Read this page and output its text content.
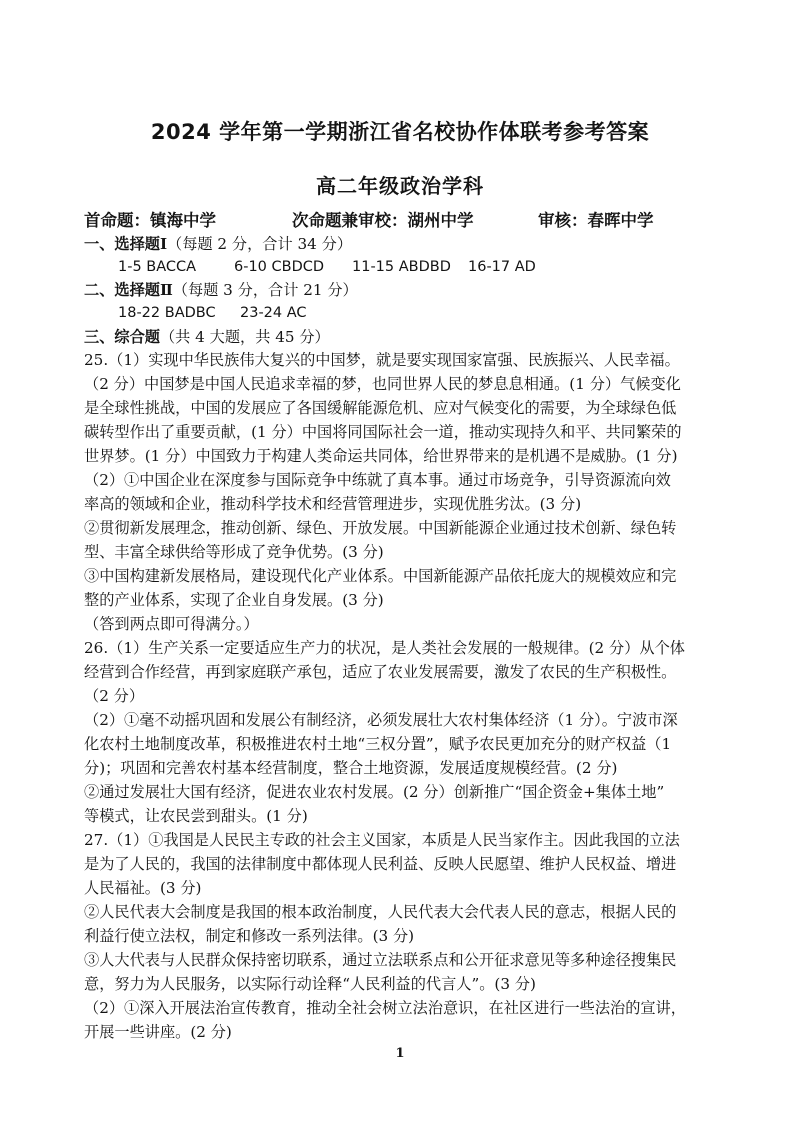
2024 学年第一学期浙江省名校协作体联考参考答案
高二年级政治学科
首命题：镇海中学	次命题兼审校：湖州中学	审核：春晖中学
一、选择题Ⅰ（每题 2 分，合计 34 分）
1-5 BACCA	6-10 CBDCD 11-15 ABDBD 16-17 AD
二、选择题Ⅱ（每题 3 分，合计 21 分）
18-22 BADBC 23-24 AC
三、综合题（共 4 大题，共 45 分）
25.（1）实现中华民族伟大复兴的中国梦，就是要实现国家富强、民族振兴、人民幸福。
（2 分）中国梦是中国人民追求幸福的梦，也同世界人民的梦息息相通。(1 分）气候变化
是全球性挑战，中国的发展应了各国缓解能源危机、应对气候变化的需要，为全球绿色低
碳转型作出了重要贡献，(1 分）中国将同国际社会一道，推动实现持久和平、共同繁荣的
世界梦。(1 分）中国致力于构建人类命运共同体，给世界带来的是机遇不是威胁。(1 分)
（2）①中国企业在深度参与国际竞争中练就了真本事。通过市场竞争，引导资源流向效
率高的领域和企业，推动科学技术和经营管理进步，实现优胜劣汰。(3 分)
②贯彻新发展理念，推动创新、绿色、开放发展。中国新能源企业通过技术创新、绿色转
型、丰富全球供给等形成了竞争优势。(3 分)
③中国构建新发展格局，建设现代化产业体系。中国新能源产品依托庞大的规模效应和完
整的产业体系，实现了企业自身发展。(3 分)
（答到两点即可得满分。）
26.（1）生产关系一定要适应生产力的状况，是人类社会发展的一般规律。(2 分）从个体
经营到合作经营，再到家庭联产承包，适应了农业发展需要，激发了农民的生产积极性。
（2 分）
（2）①毫不动摇巩固和发展公有制经济，必须发展壮大农村集体经济（1 分）。宁波市深
化农村土地制度改革，积极推进农村土地“三权分置”，赋予农民更加充分的财产权益（1
分)；巩固和完善农村基本经营制度，整合土地资源，发展适度规模经营。(2 分)
②通过发展壮大国有经济，促进农业农村发展。(2 分）创新推广“国企资金+集体土地”
等模式，让农民尝到甜头。(1 分)
27.（1）①我国是人民民主专政的社会主义国家，本质是人民当家作主。因此我国的立法
是为了人民的，我国的法律制度中都体现人民利益、反映人民愿望、维护人民权益、增进
人民福祉。(3 分)
②人民代表大会制度是我国的根本政治制度，人民代表大会代表人民的意志，根据人民的
利益行使立法权，制定和修改一系列法律。(3 分)
③人大代表与人民群众保持密切联系，通过立法联系点和公开征求意见等多种途径搜集民
意，努力为人民服务，以实际行动诠释“人民利益的代言人”。(3 分)
（2）①深入开展法治宣传教育，推动全社会树立法治意识，在社区进行一些法治的宣讲，
开展一些讲座。(2 分)
1
